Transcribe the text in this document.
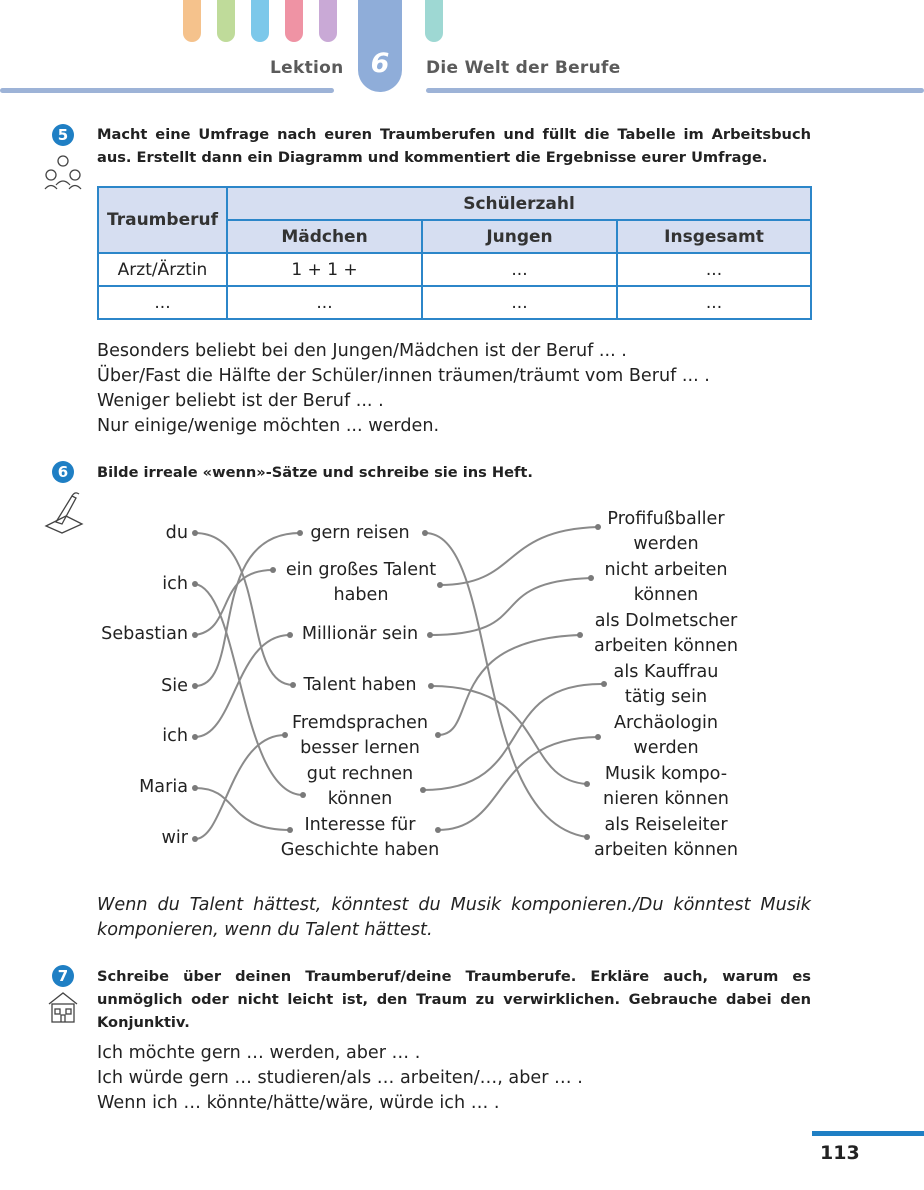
6
Lektion	Die Welt der Berufe
5	Macht eine Umfrage nach euren Traumberufen und füllt die Tabelle im Arbeitsbuch aus. Erstellt dann ein Diagramm und kommentiert die Ergebnisse eurer Umfrage.
Traumberuf	Schülerzahl		
	Mädchen	Jungen	Insgesamt
Arzt/Ärztin	1 + 1 +	...	...
...	...	...	...
Besonders beliebt bei den Jungen/Mädchen ist der Beruf ... .
Über/Fast die Hälfte der Schüler/innen träumen/träumt vom Beruf ... .
Weniger beliebt ist der Beruf ... .
Nur einige/wenige möchten ... werden.
6	Bilde irreale «wenn»-Sätze und schreibe sie ins Heft.
du
ich
Sebastian
Sie
ich
Maria
wir
gern reisen
ein großes Talent
haben
Millionär sein
Talent haben
Fremdsprachen
besser lernen
gut rechnen
können
Interesse für
Geschichte haben
Profifußballer
werden
nicht arbeiten
können
als Dolmetscher
arbeiten können
als Kauffrau
tätig sein
Archäologin
werden
Musik kompo-
nieren können
als Reiseleiter
arbeiten können
Wenn du Talent hättest, könntest du Musik komponieren./Du könntest Musik komponieren, wenn du Talent hättest.
7	Schreibe über deinen Traumberuf/deine Traumberufe. Erkläre auch, warum es unmöglich oder nicht leicht ist, den Traum zu verwirklichen. Gebrauche dabei den Konjunktiv.
Ich möchte gern … werden, aber … .
Ich würde gern … studieren/als … arbeiten/…, aber … .
Wenn ich … könnte/hätte/wäre, würde ich … .
113
